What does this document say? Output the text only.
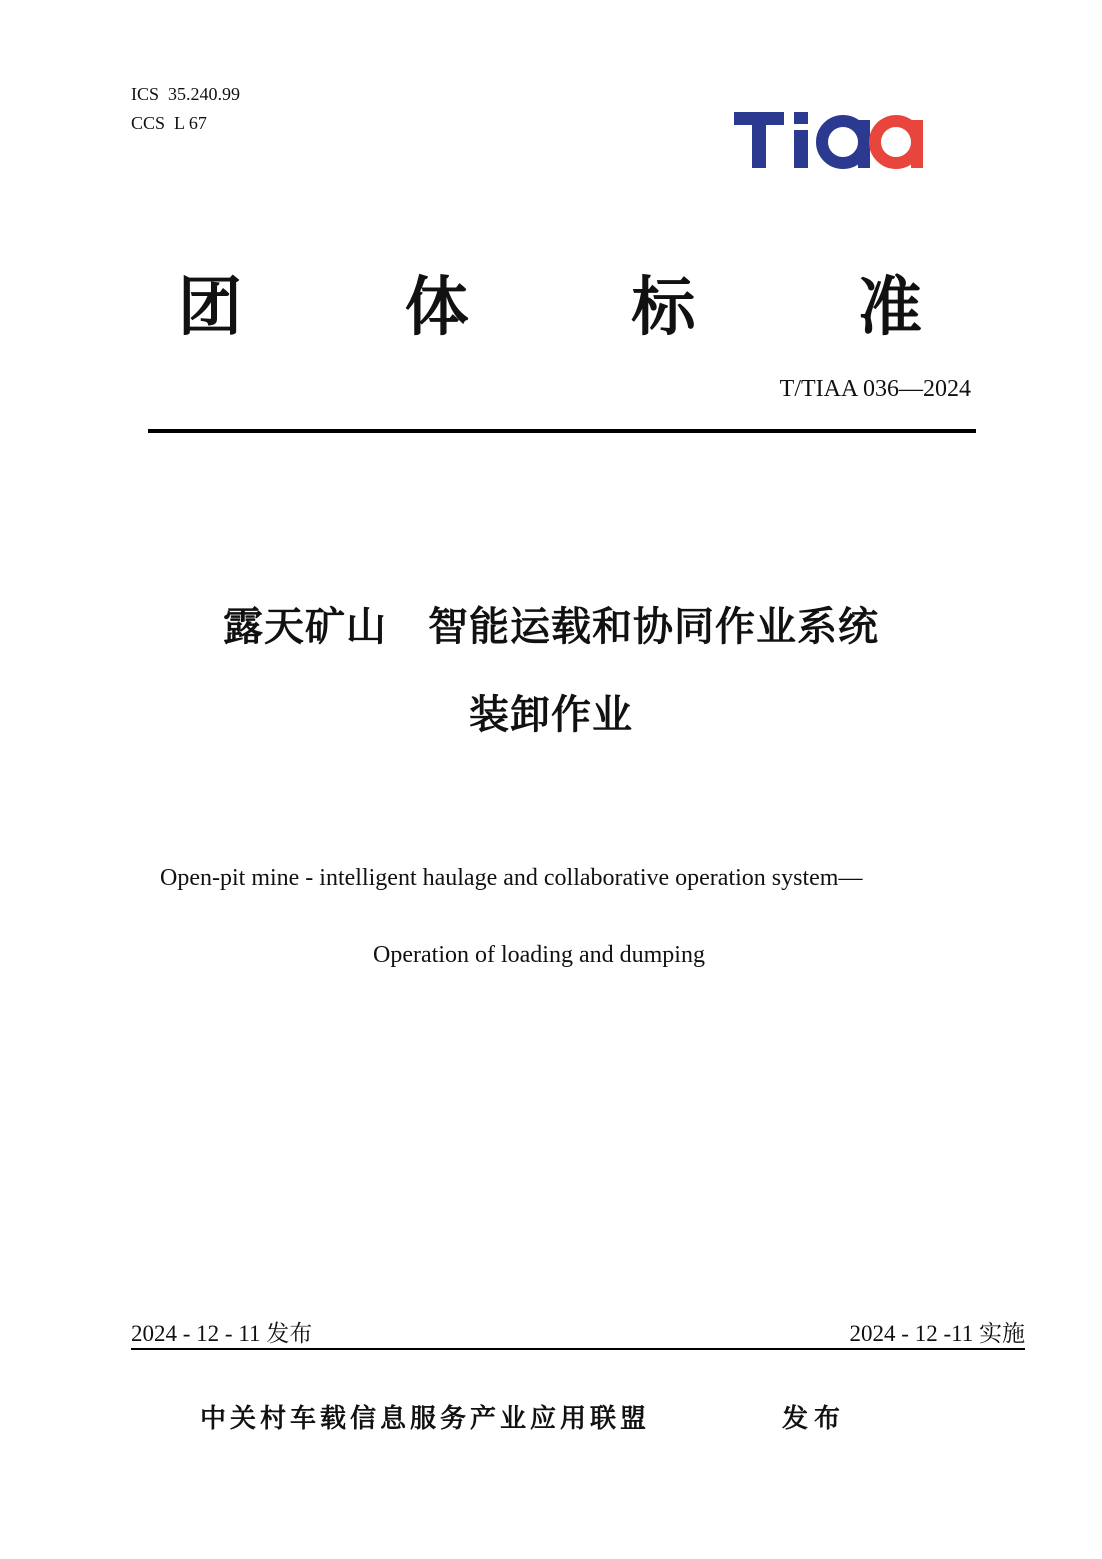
ICS  35.240.99
CCS  L 67
团	体	标	准
T/TIAA 036—2024
露天矿山　智能运载和协同作业系统
装卸作业
Open-pit mine - intelligent haulage and collaborative operation system—
Operation of loading and dumping
2024 - 12 - 11 发布	2024 - 12 -11 实施
中关村车载信息服务产业应用联盟	发布
